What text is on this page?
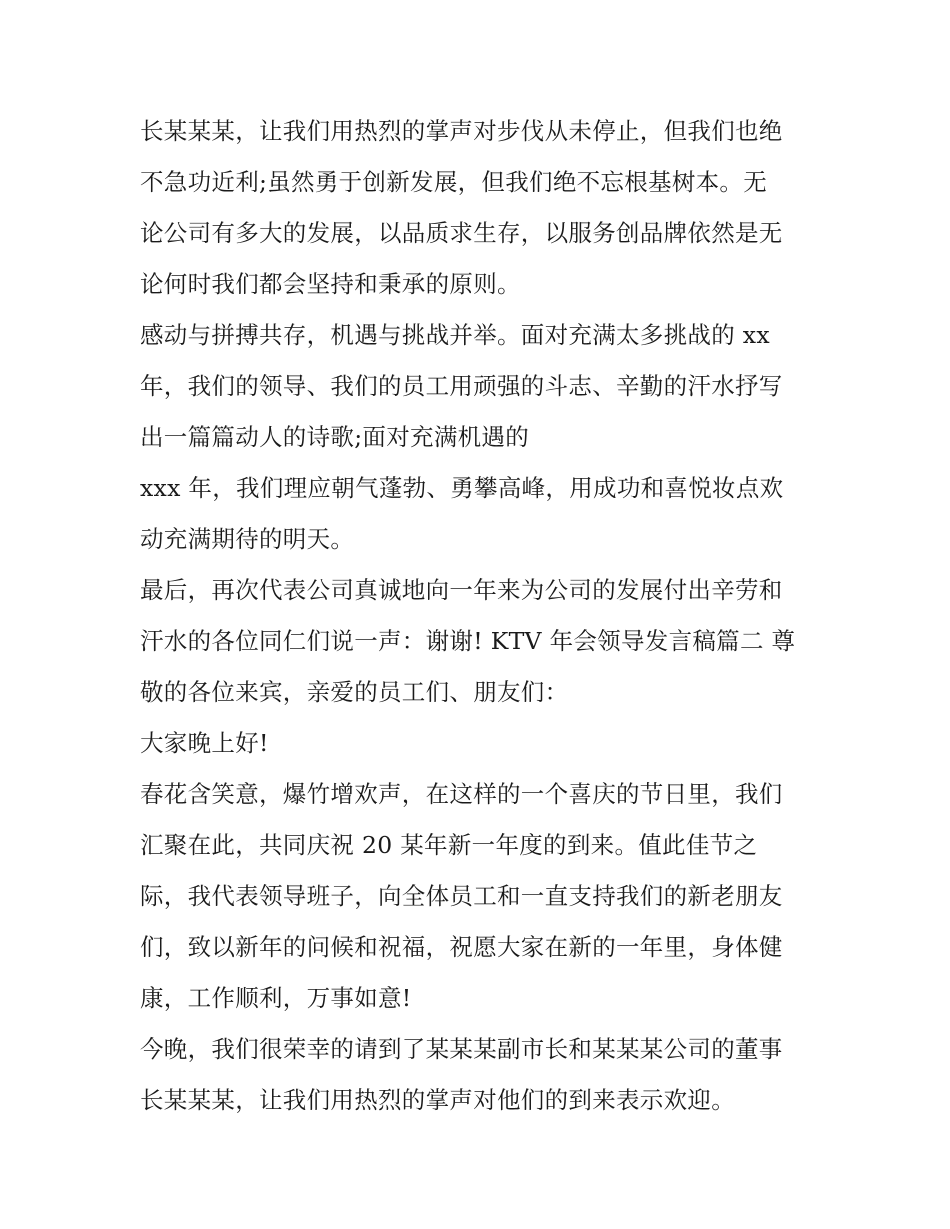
长某某某，让我们用热烈的掌声对步伐从未停止，但我们也绝
不急功近利;虽然勇于创新发展，但我们绝不忘根基树本。无
论公司有多大的发展，以品质求生存，以服务创品牌依然是无
论何时我们都会坚持和秉承的原则。
感动与拼搏共存，机遇与挑战并举。面对充满太多挑战的 xx
年，我们的领导、我们的员工用顽强的斗志、辛勤的汗水抒写
出一篇篇动人的诗歌;面对充满机遇的
xxx 年，我们理应朝气蓬勃、勇攀高峰，用成功和喜悦妆点欢
动充满期待的明天。
最后，再次代表公司真诚地向一年来为公司的发展付出辛劳和
汗水的各位同仁们说一声：谢谢! KTV 年会领导发言稿篇二 尊
敬的各位来宾，亲爱的员工们、朋友们：
大家晚上好!
春花含笑意，爆竹增欢声，在这样的一个喜庆的节日里，我们
汇聚在此，共同庆祝 20 某年新一年度的到来。值此佳节之
际，我代表领导班子，向全体员工和一直支持我们的新老朋友
们，致以新年的问候和祝福，祝愿大家在新的一年里，身体健
康，工作顺利，万事如意!
今晚，我们很荣幸的请到了某某某副市长和某某某公司的董事
长某某某，让我们用热烈的掌声对他们的到来表示欢迎。
